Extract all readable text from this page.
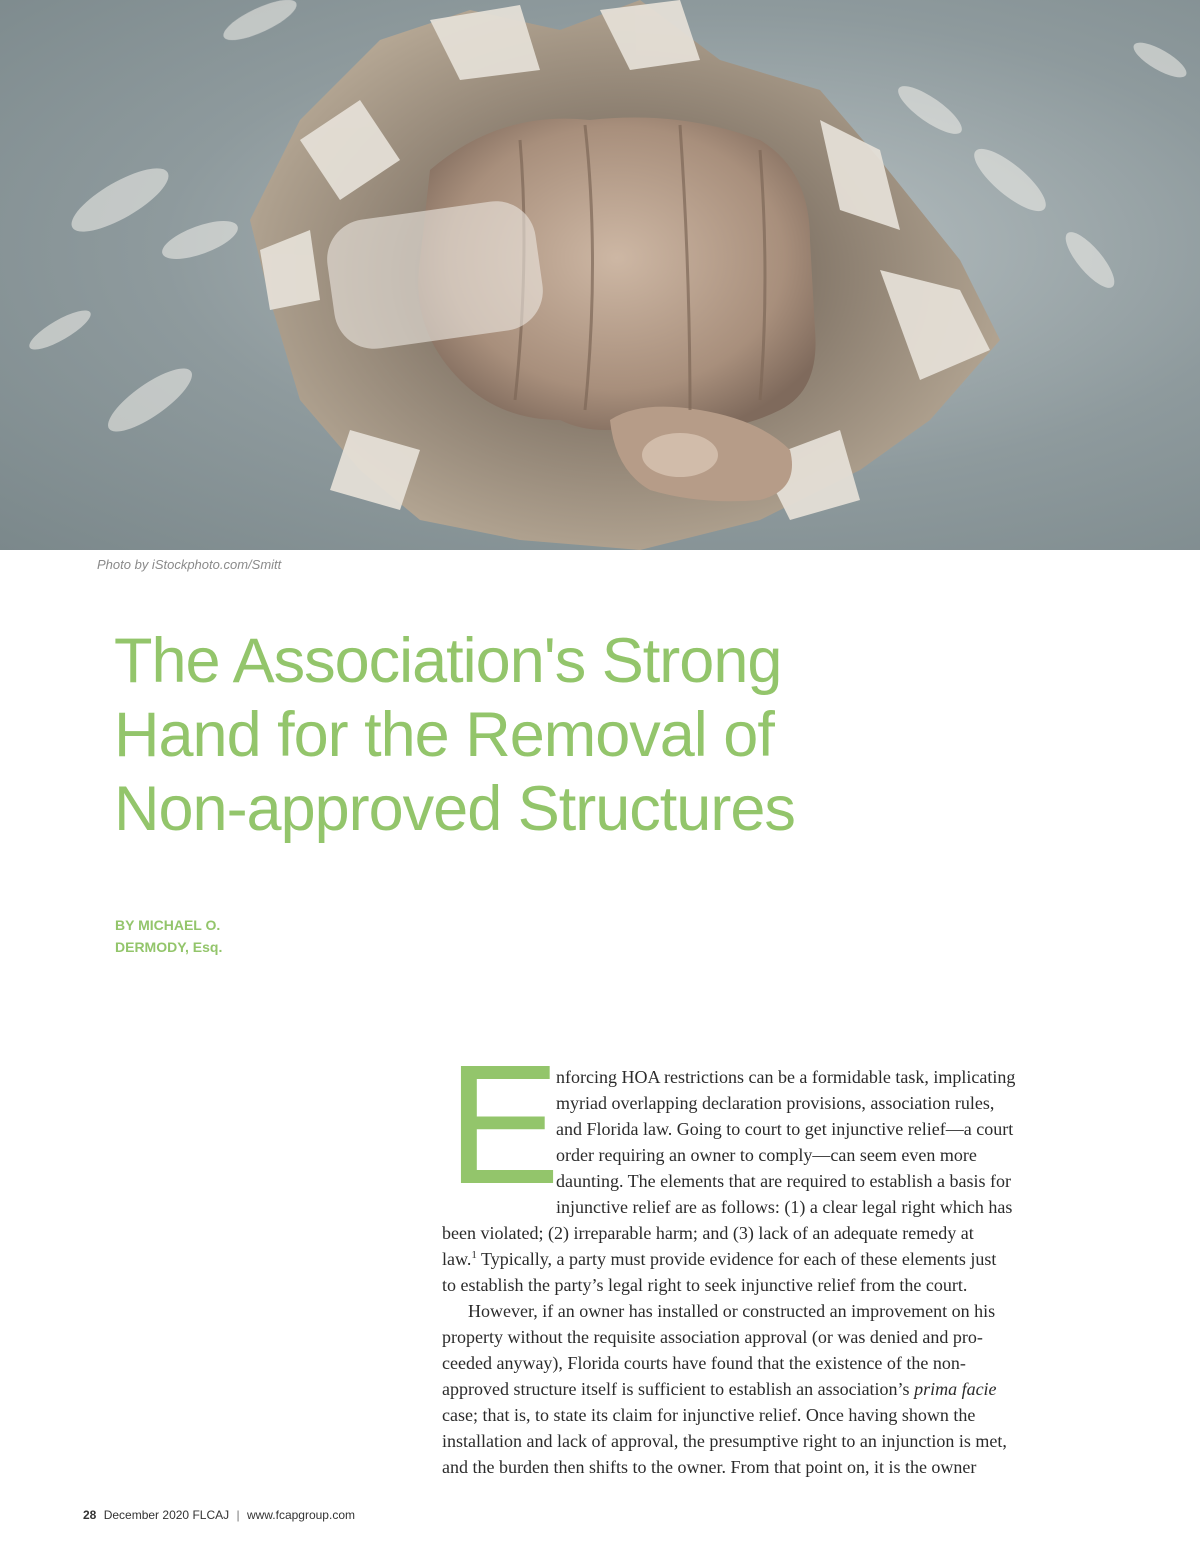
Photo by iStockphoto.com/Smitt
The Association's Strong
Hand for the Removal of
Non-approved Structures
BY MICHAEL O.
DERMODY, Esq.
E
nforcing HOA restrictions can be a formidable task, implicating
myriad overlapping declaration provisions, association rules,
and Florida law. Going to court to get injunctive relief—a court
order requiring an owner to comply—can seem even more
daunting. The elements that are required to establish a basis for
injunctive relief are as follows: (1) a clear legal right which has
been violated; (2) irreparable harm; and (3) lack of an adequate remedy at
law.$^1$ Typically, a party must provide evidence for each of these elements just
to establish the party’s legal right to seek injunctive relief from the court.
However, if an owner has installed or constructed an improvement on his
property without the requisite association approval (or was denied and pro-
ceeded anyway), Florida courts have found that the existence of the non-
approved structure itself is sufficient to establish an association’s prima facie
case; that is, to state its claim for injunctive relief. Once having shown the
installation and lack of approval, the presumptive right to an injunction is met,
and the burden then shifts to the owner. From that point on, it is the owner
28 December 2020 FLCAJ | www.fcapgroup.com
